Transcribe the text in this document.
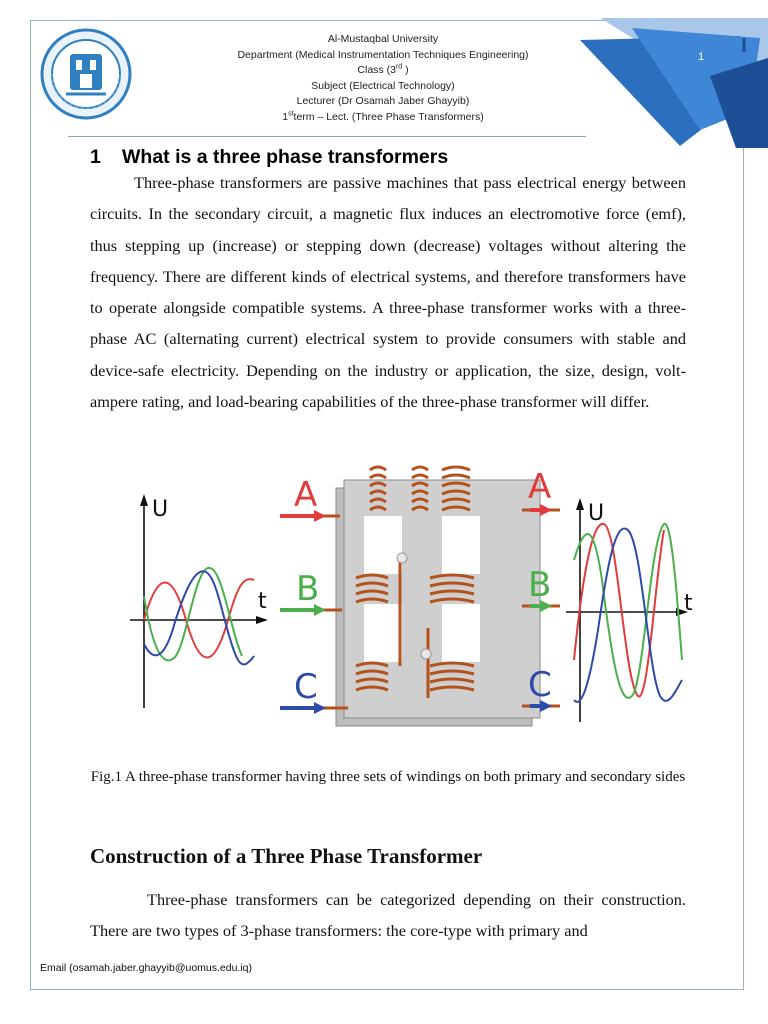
Al-Mustaqbal University
Department (Medical Instrumentation Techniques Engineering)
Class (3rd )
Subject (Electrical Technology)
Lecturer (Dr Osamah Jaber Ghayyib)
1stterm – Lect. (Three Phase Transformers)
1
1 What is a three phase transformers

Three-phase transformers are passive machines that pass electrical energy between circuits. In the secondary circuit, a magnetic flux induces an electromotive force (emf), thus stepping up (increase) or stepping down (decrease) voltages without altering the frequency. There are different kinds of electrical systems, and therefore transformers have to operate alongside compatible systems. A three-phase transformer works with a three-phase AC (alternating current) electrical system to provide consumers with stable and device-safe electricity. Depending on the industry or application, the size, design, volt-ampere rating, and load-bearing capabilities of the three-phase transformer will differ.

U
t
A
B
C
A
B
C
U
t

Fig.1 A three-phase transformer having three sets of windings on both primary and secondary sides

Construction of a Three Phase Transformer

Three-phase transformers can be categorized depending on their construction. There are two types of 3-phase transformers: the core-type with primary and

Email (osamah.jaber.ghayyib@uomus.edu.iq)
